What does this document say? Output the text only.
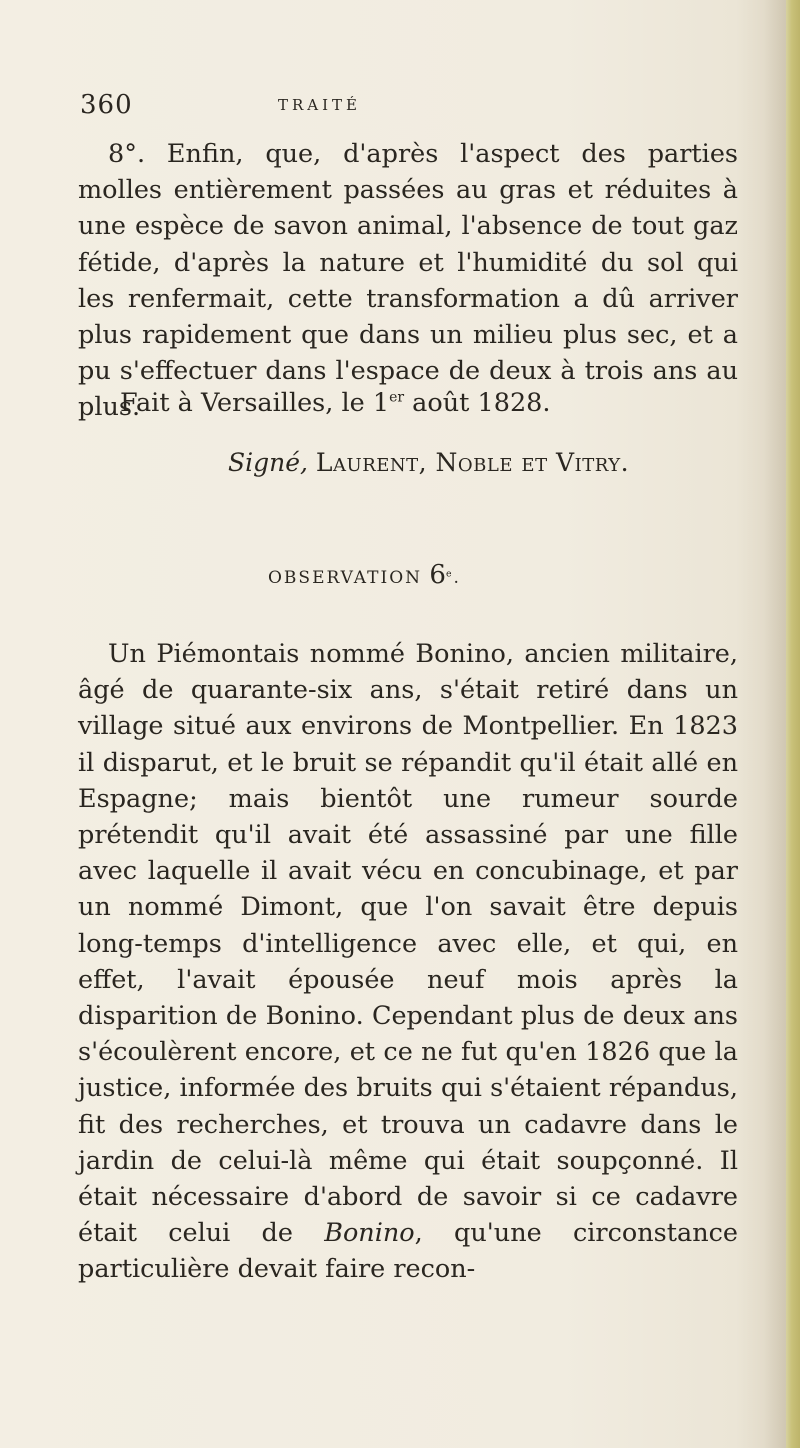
360	TRAITÉ

8°. Enfin, que, d'après l'aspect des parties molles entièrement passées au gras et réduites à une espèce de savon animal, l'absence de tout gaz fétide, d'après la nature et l'humidité du sol qui les renfermait, cette transformation a dû arriver plus rapidement que dans un milieu plus sec, et a pu s'effectuer dans l'espace de deux à trois ans au plus.

Fait à Versailles, le 1er août 1828.
Signé, Laurent, Noble et Vitry.
OBSERVATION 6e.

Un Piémontais nommé Bonino, ancien militaire, âgé de quarante-six ans, s'était retiré dans un village situé aux environs de Montpellier. En 1823 il disparut, et le bruit se répandit qu'il était allé en Espagne; mais bientôt une rumeur sourde prétendit qu'il avait été assassiné par une fille avec laquelle il avait vécu en concubinage, et par un nommé Dimont, que l'on savait être depuis long-temps d'intelligence avec elle, et qui, en effet, l'avait épousée neuf mois après la disparition de Bonino. Cependant plus de deux ans s'écoulèrent encore, et ce ne fut qu'en 1826 que la justice, informée des bruits qui s'étaient répandus, fit des recherches, et trouva un cadavre dans le jardin de celui-là même qui était soupçonné. Il était nécessaire d'abord de savoir si ce cadavre était celui de Bonino, qu'une circonstance particulière devait faire recon-
